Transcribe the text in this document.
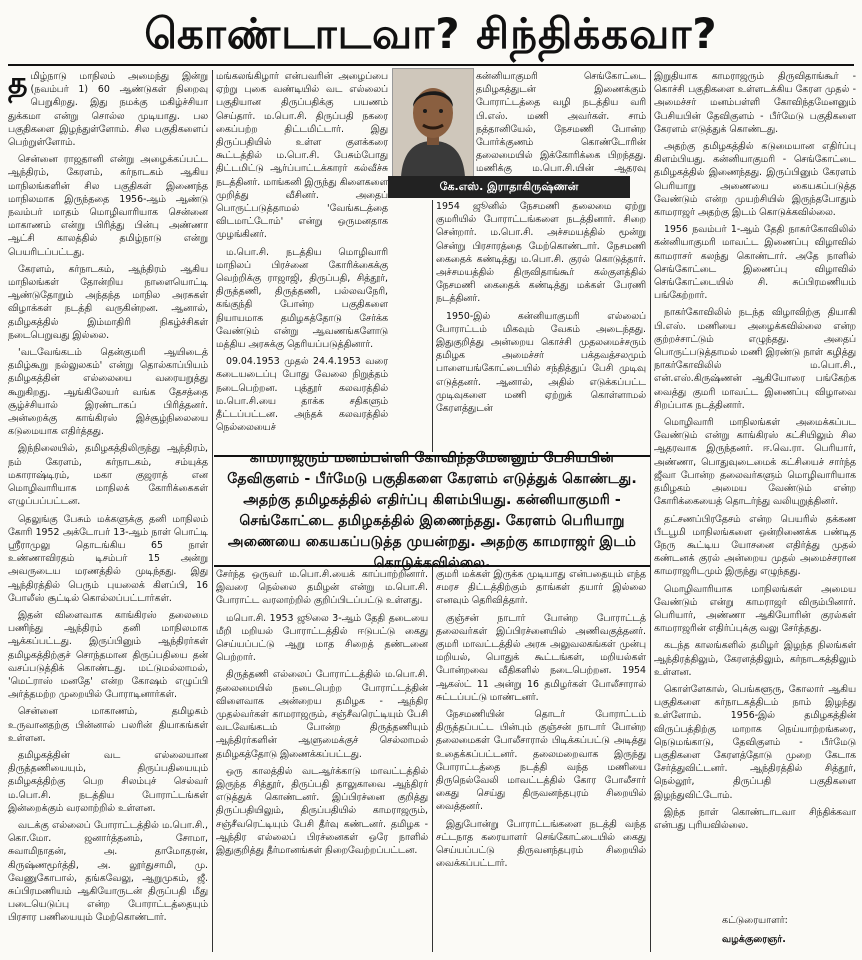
கொண்டாடவா? சிந்திக்கவா?

தமிழ்நாடு மாநிலம் அமைந்து இன்று (நவம்பர் 1) 60 ஆண்டுகள் நிறைவு பெறுகிறது. இது நமக்கு மகிழ்ச்சியா துக்கமா என்று சொல்ல முடியாது. பல பகுதிகளை இழந்துள்ளோம். சில பகுதிகளைப் பெற்றுள்ளோம்.

சென்னை ராஜதானி என்று அழைக்கப்பட்ட ஆந்திரம், கேரளம், கர்நாடகம் ஆகிய மாநிலங்களின் சில பகுதிகள் இணைந்த மாநிலமாக இருந்ததை 1956-ஆம் ஆண்டு நவம்பர் மாதம் மொழிவாரியாக சென்னை மாகாணம் என்று பிரித்து பின்பு அண்ணா ஆட்சி காலத்தில் தமிழ்நாடு என்று பெயரிடப்பட்டது.

கேரளம், கர்நாடகம், ஆந்திரம் ஆகிய மாநிலங்கள் தோன்றிய நாளையொட்டி ஆண்டுதோறும் அந்தந்த மாநில அரசுகள் விழாக்கள் நடத்தி வருகின்றன. ஆனால், தமிழகத்தில் இம்மாதிரி நிகழ்ச்சிகள் நடைபெறுவது இல்லை.

'வடவேங்கடம் தென்குமரி ஆயிடைத் தமிழ்கூறு நல்லுலகம்' என்று தொல்காப்பியம் தமிழகத்தின் எல்லையை வரையறுத்து கூறுகிறது. ஆங்கிலேயர் வங்க தேசத்தை சூழ்ச்சியால் இரண்டாகப் பிரித்தனர். அன்றைக்கு காங்கிரஸ் இச்சூழ்நிலையை கடுமையாக எதிர்த்தது.

இந்நிலையில், தமிழகத்திலிருந்து ஆந்திரம், நம் கேரளம், கர்நாடகம், சம்யுக்த மகாராஷ்டிரம், மகா குஜராத் என மொழிவாரியாக மாநிலக் கோரிக்கைகள் எழுப்பப்பட்டன.

தெலுங்கு பேசும் மக்களுக்கு தனி மாநிலம் கோரி 1952 அக்டோபர் 13-ஆம் நாள் பொட்டி ஸ்ரீராமுலு தொடங்கிய 65 நாள் உண்ணாவிரதம் டிசம்பர் 15 அன்று அவருடைய மரணத்தில் முடிந்தது. இது ஆந்திரத்தில் பெரும் புயலைக் கிளப்பி, 16 போலீஸ் சூட்டில் கொல்லப்பட்டார்கள்.

இதன் விளைவாக காங்கிரஸ் தலைமை பணிந்து ஆந்திரம் தனி மாநிலமாக ஆக்கப்பட்டது. இருப்பினும் ஆந்திரர்கள் தமிழகத்திற்குச் சொந்தமான திருப்பதியை தன் வசப்படுத்திக் கொண்டது. மட்டுமல்லாமல், 'மெட்ராஸ் மனதே' என்ற கோஷம் எழுப்பி அர்த்தமற்ற முறையில் போராடினார்கள்.

சென்னை மாகாணம், தமிழகம் உருவானதற்கு பின்னால் பலரின் தியாகங்கள் உள்ளன.

தமிழகத்தின் வட எல்லையான திருத்தணியையும், திருப்பதியையும் தமிழகத்திற்கு பெற சிலம்புச் செல்வர் ம.பொ.சி. நடத்திய போராட்டங்கள் இன்றைக்கும் வரலாற்றில் உள்ளன.

வடக்கு எல்லைப் போராட்டத்தில் ம.பொ.சி., கொ.மோ. ஜனார்த்தனம், சோமா, சுவாமிநாதன், அ. தாமோதரன், கிருஷ்ணமூர்த்தி, அ. லூர்துசாமி, மு. வேணுகோபால், தங்கவேலு, ஆறுமுகம், ஜீ. சுப்பிரமணியம் ஆகியோருடன் திருப்பதி மீது படையெடுப்பு என்ற போராட்டத்தையும் பிரசார பணியையும் மேற்கொண்டார்.

மங்கலங்கிழார் என்பவரின் அழைப்பை ஏற்று புகை வண்டியில் வட எல்லைப் பகுதியான திருப்பதிக்கு பயணம் செய்தார். ம.பொ.சி. திருப்பதி நகரை கைப்பற்ற திட்டமிட்டார். இது திருப்பதியில் உள்ள குளக்கரை கூட்டத்தில் ம.பொ.சி. பேசும்போது திட்டமிட்டு ஆர்ப்பாட்டக்காரர் கல்வீச்சு நடத்தினர். மாங்கனி இருந்து கிளைகளை முறித்து வீசினர். அதைப் பொருட்படுத்தாமல் 'வேங்கடத்தை விடமாட்டோம்' என்று ஒருமனதாக முழங்கினர்.

ம.பொ.சி. நடத்திய மொழிவாரி மாநிலப் பிரச்னை கோரிக்கைக்கு வெற்றிக்கு ராஜாஜி, திருப்பதி, சித்தூர், திருத்தணி, திருத்தணி, பல்லவநேரி, கங்குந்தி போன்ற பகுதிகளை நியாயமாக தமிழகத்தோடு சேர்க்க வேண்டும் என்று ஆவணங்களோடு மத்திய அரசுக்கு தெரியப்படுத்தினார்.

09.04.1953 முதல் 24.4.1953 வரை கடையடைப்பு போது வேலை நிறுத்தம் நடைபெற்றன. புத்தூர் கலவரத்தில் ம.பொ.சி.யை தாக்க சதிகளும் தீட்டப்பட்டன. அந்தக் கலவரத்தில் நெல்லையைச்

கே.எஸ். இராதாகிருஷ்ணன்

கன்னியாகுமரி செங்கோட்டை தமிழகத்துடன் இணைக்கும் போராட்டத்தை வழி நடத்திய வரி பி.எஸ். மணி அவர்கள். சாம் நத்தானியேல், நேசமணி போன்ற போர்க்குணம் கொண்டோரின் தலைமையில் இக்கோரிக்கை பிறந்தது. மணிக்கு ம.பொ.சி.யின் ஆதரவு

1954 ஜூனில் நேசமணி தலைமை ஏற்று குமரியில் போராட்டங்களை நடத்தினார். சிறை சென்றார். ம.பொ.சி. அச்சமயத்தில் மூன்று சென்று பிரசாரத்தை மேற்கொண்டார். நேசமணி கைதைக் கண்டித்து ம.பொ.சி. குரல் கொடுத்தார். அச்சமயத்தில் திருவிதாங்கூர் கல்குளத்தில் நேசமணி கைதைக் கண்டித்து மக்கள் பேரணி நடத்தினர்.

1950-இல் கன்னியாகுமரி எல்லைப் போராட்டம் மிகவும் வேகம் அடைந்தது. இதுகுறித்து அன்றைய கொச்சி முதலமைச்சரும் தமிழக அமைச்சர் பக்தவத்சலமும் பாளையங்கோட்டையில் சந்தித்துப் பேசி முடிவு எடுத்தனர். ஆனால், அதில் எடுக்கப்பட்ட முடிவுகளை மணி ஏற்றுக் கொள்ளாமல் கேரளத்துடன்

காமராஜரும் மனம்பள்ளி கோவிந்தமேனனும் பேசியபின் தேவிகுளம் - பீர்மேடு பகுதிகளை கேரளம் எடுத்துக் கொண்டது. அதற்கு தமிழகத்தில் எதிர்ப்பு கிளம்பியது. கன்னியாகுமரி - செங்கோட்டை தமிழகத்தில் இணைந்தது. கேரளம் பெரியாறு அணையை கையகப்படுத்த முயன்றது. அதற்கு காமராஜர் இடம் கொடுக்கவில்லை.

சேர்ந்த ஒருவர் ம.பொ.சி.யைக் காப்பாற்றினார். இவரை நெல்லை தமிழன் என்று ம.பொ.சி. போராட்ட வரலாற்றில் குறிப்பிடப்பட்டு உள்ளது.

மபொ.சி. 1953 ஜூலை 3-ஆம் தேதி தடையை மீறி மறியல் போராட்டத்தில் ஈடுபட்டு கைது செய்யப்பட்டு ஆறு மாத சிறைத் தண்டனை பெற்றார்.

திருத்தணி எல்லைப் போராட்டத்தில் ம.பொ.சி. தலைமையில் நடைபெற்ற போராட்டத்தின் விளைவாக அன்றைய தமிழக - ஆந்திர முதல்வர்கள் காமராஜரும், சஞ்சீவரெட்டியும் பேசி வடவேங்கடம் போன்ற திருத்தணியும் ஆந்திரர்களின் ஆளுமைக்குச் செல்லாமல் தமிழகத்தோடு இணைக்கப்பட்டது.

ஒரு காலத்தில் வடஆர்க்காடு மாவட்டத்தில் இருந்த சித்தூர், திருப்பதி தாலுகாவை ஆந்திரர் எடுத்துக் கொண்டனர். இப்பிரச்னை குறித்து திருப்பதியிலும், திருப்பதியில் காமராஜரும், சஞ்சீவரெட்டியும் பேசி தீர்வு கண்டனர். தமிழக - ஆந்திர எல்லைப் பிரச்னைகள் ஒரே நாளில் இதுகுறித்து தீர்மானங்கள் நிறைவேற்றப்பட்டன.

குமரி மக்கள் இருக்க முடியாது என்பதையும் எந்த சமரச திட்டத்திற்கும் தாங்கள் தயார் இல்லை எனவும் தெரிவித்தார்.

குஞ்சன் நாடார் போன்ற போராட்டத் தலைவர்கள் இப்பிரச்னையில் அணிவகுத்தனர். குமரி மாவட்டத்தில் அரசு அலுவலகங்கள் முன்பு மறியல், பொதுக் கூட்டங்கள், மறியல்கள் போன்றவை வீதிகளில் நடைபெற்றன. 1954 ஆகஸ்ட் 11 அன்று 16 தமிழர்கள் போலீசாரால் சுட்டப்பட்டு மாண்டனர்.

நேசமணியின் தொடர் போராட்டம் திருத்தப்பட்ட பின்பும் குஞ்சன் நாடார் போன்ற தலைமைகள் போலீசாரால் பிடிக்கப்பட்டு அடித்து உதைக்கப்பட்டனர். தலைமறைவாக இருந்து போராட்டத்தை நடத்தி வந்த மணியை திருநெல்வேலி மாவட்டத்தில் கோர போலீசார் கைது செய்து திருவனந்தபுரம் சிறையில் வைத்தனர்.

இதுபோன்று போராட்டங்களை நடத்தி வந்த சட்டநாத கரையாளர் செங்கோட்டையில் கைது செய்யப்பட்டு திருவனந்தபுரம் சிறையில் வைக்கப்பட்டார்.

இறுதியாக காமராஜரும் திருவிதாங்கூர் - கொச்சி பகுதிகளை உள்ளடக்கிய கேரள முதல் - அமைச்சர் மனம்பள்ளி கோவிந்தமேனனும் பேசியபின் தேவிகுளம் - பீர்மேடு பகுதிகளை கேரளம் எடுத்துக் கொண்டது.

அதற்கு தமிழகத்தில் கடுமையான எதிர்ப்பு கிளம்பியது. கன்னியாகுமரி - செங்கோட்டை தமிழகத்தில் இணைந்தது. இருப்பினும் கேரளம் பெரியாறு அணையை கையகப்படுத்த வேண்டும் என்ற முயற்சியில் இருந்தபோதும் காமராஜர் அதற்கு இடம் கொடுக்கவில்லை.

1956 நவம்பர் 1-ஆம் தேதி நாகர்கோவிலில் கன்னியாகுமரி மாவட்ட இணைப்பு விழாவில் காமராசர் கலந்து கொண்டார். அதே நாளில் செங்கோட்டை இணைப்பு விழாவில் செங்கோட்டையில் சி. சுப்பிரமணியம் பங்கேற்றார்.

நாகர்கோவிலில் நடந்த விழாவிற்கு தியாகி பி.எஸ். மணியை அழைக்கவில்லை என்ற குற்றச்சாட்டும் எழுந்தது. அதைப் பொருட்படுத்தாமல் மணி இரண்டு நாள் கழித்து நாகர்கோவிலில் ம.பொ.சி., என்.எஸ்.கிருஷ்ணன் ஆகியோரை பங்கேற்க வைத்து குமரி மாவட்ட இணைப்பு விழாவை சிறப்பாக நடத்தினார்.

மொழிவாரி மாநிலங்கள் அமைக்கப்பட வேண்டும் என்று காங்கிரஸ் கட்சியிலும் சில ஆதரவாக இருந்தனர். ஈ.வெ.ரா. பெரியார், அண்ணா, பொதுவுடைமைக் கட்சியைச் சார்ந்த ஜீவா போன்ற தலைவர்களும் மொழிவாரியாக தமிழகம் அமைய வேண்டும் என்ற கோரிக்கையைத் தொடர்ந்து வலியுறுத்தினர்.

தட்சணப்பிரதேசம் என்ற பெயரில் தக்கண பீடபூமி மாநிலங்களை ஒன்றிணைக்க பண்டித நேரு கூட்டிய யோசனை எதிர்த்து முதல் கண்டனக் குரல் அன்றைய முதல் அமைச்சரான காமராஜரிடமும் இருந்து எழுந்தது.

மொழிவாரியாக மாநிலங்கள் அமைய வேண்டும் என்று காமராஜர் விரும்பினார். பெரியார், அண்ணா ஆகியோரின் குரல்கள் காமராஜரின் எதிர்ப்புக்கு வலு சேர்த்தது.

கடந்த காலங்களில் தமிழர் இழந்த நிலங்கள் ஆந்திரத்திலும், கேரளத்திலும், கர்நாடகத்திலும் உள்ளன.

கொள்ளேகால், பெங்களூரு, கோலார் ஆகிய பகுதிகளை கர்நாடகத்திடம் நாம் இழந்து உள்ளோம். 1956-இல் தமிழகத்தின் விருப்பத்திற்கு மாறாக நெய்யாற்றங்கரை, நெடுமங்காடு, தேவிகுளம் - பீர்மேடு பகுதிகளை கேரளத்தோடு முறை கேடாக சேர்த்துவிட்டனர். ஆந்திரத்தில் சித்தூர், நெல்லூர், திருப்பதி பகுதிகளை இழந்துவிட்டோம்.

இந்த நாள் கொண்டாடவா சிந்திக்கவா என்பது புரியவில்லை.

கட்டுரையாளர்:
வழக்குரைஞர்.
